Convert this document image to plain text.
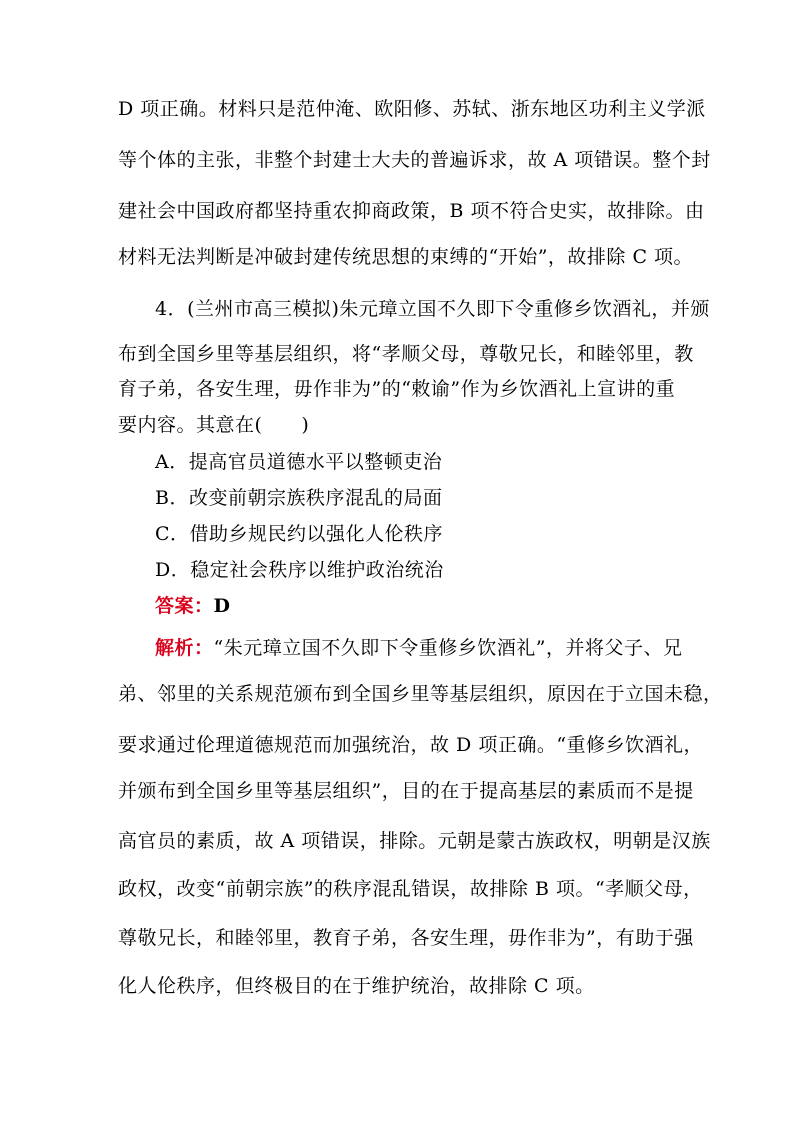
D 项正确。材料只是范仲淹、欧阳修、苏轼、浙东地区功利主义学派
等个体的主张，非整个封建士大夫的普遍诉求，故 A 项错误。整个封
建社会中国政府都坚持重农抑商政策，B 项不符合史实，故排除。由
材料无法判断是冲破封建传统思想的束缚的“开始”，故排除 C 项。
4．(兰州市高三模拟)朱元璋立国不久即下令重修乡饮酒礼，并颁
布到全国乡里等基层组织，将“孝顺父母，尊敬兄长，和睦邻里，教
育子弟，各安生理，毋作非为”的“敕谕”作为乡饮酒礼上宣讲的重
要内容。其意在(　　)
A．提高官员道德水平以整顿吏治
B．改变前朝宗族秩序混乱的局面
C．借助乡规民约以强化人伦秩序
D．稳定社会秩序以维护政治统治
答案：D
解析：“朱元璋立国不久即下令重修乡饮酒礼”，并将父子、兄
弟、邻里的关系规范颁布到全国乡里等基层组织，原因在于立国未稳，
要求通过伦理道德规范而加强统治，故 D 项正确。“重修乡饮酒礼，
并颁布到全国乡里等基层组织”，目的在于提高基层的素质而不是提
高官员的素质，故 A 项错误，排除。元朝是蒙古族政权，明朝是汉族
政权，改变“前朝宗族”的秩序混乱错误，故排除 B 项。“孝顺父母，
尊敬兄长，和睦邻里，教育子弟，各安生理，毋作非为”，有助于强
化人伦秩序，但终极目的在于维护统治，故排除 C 项。
